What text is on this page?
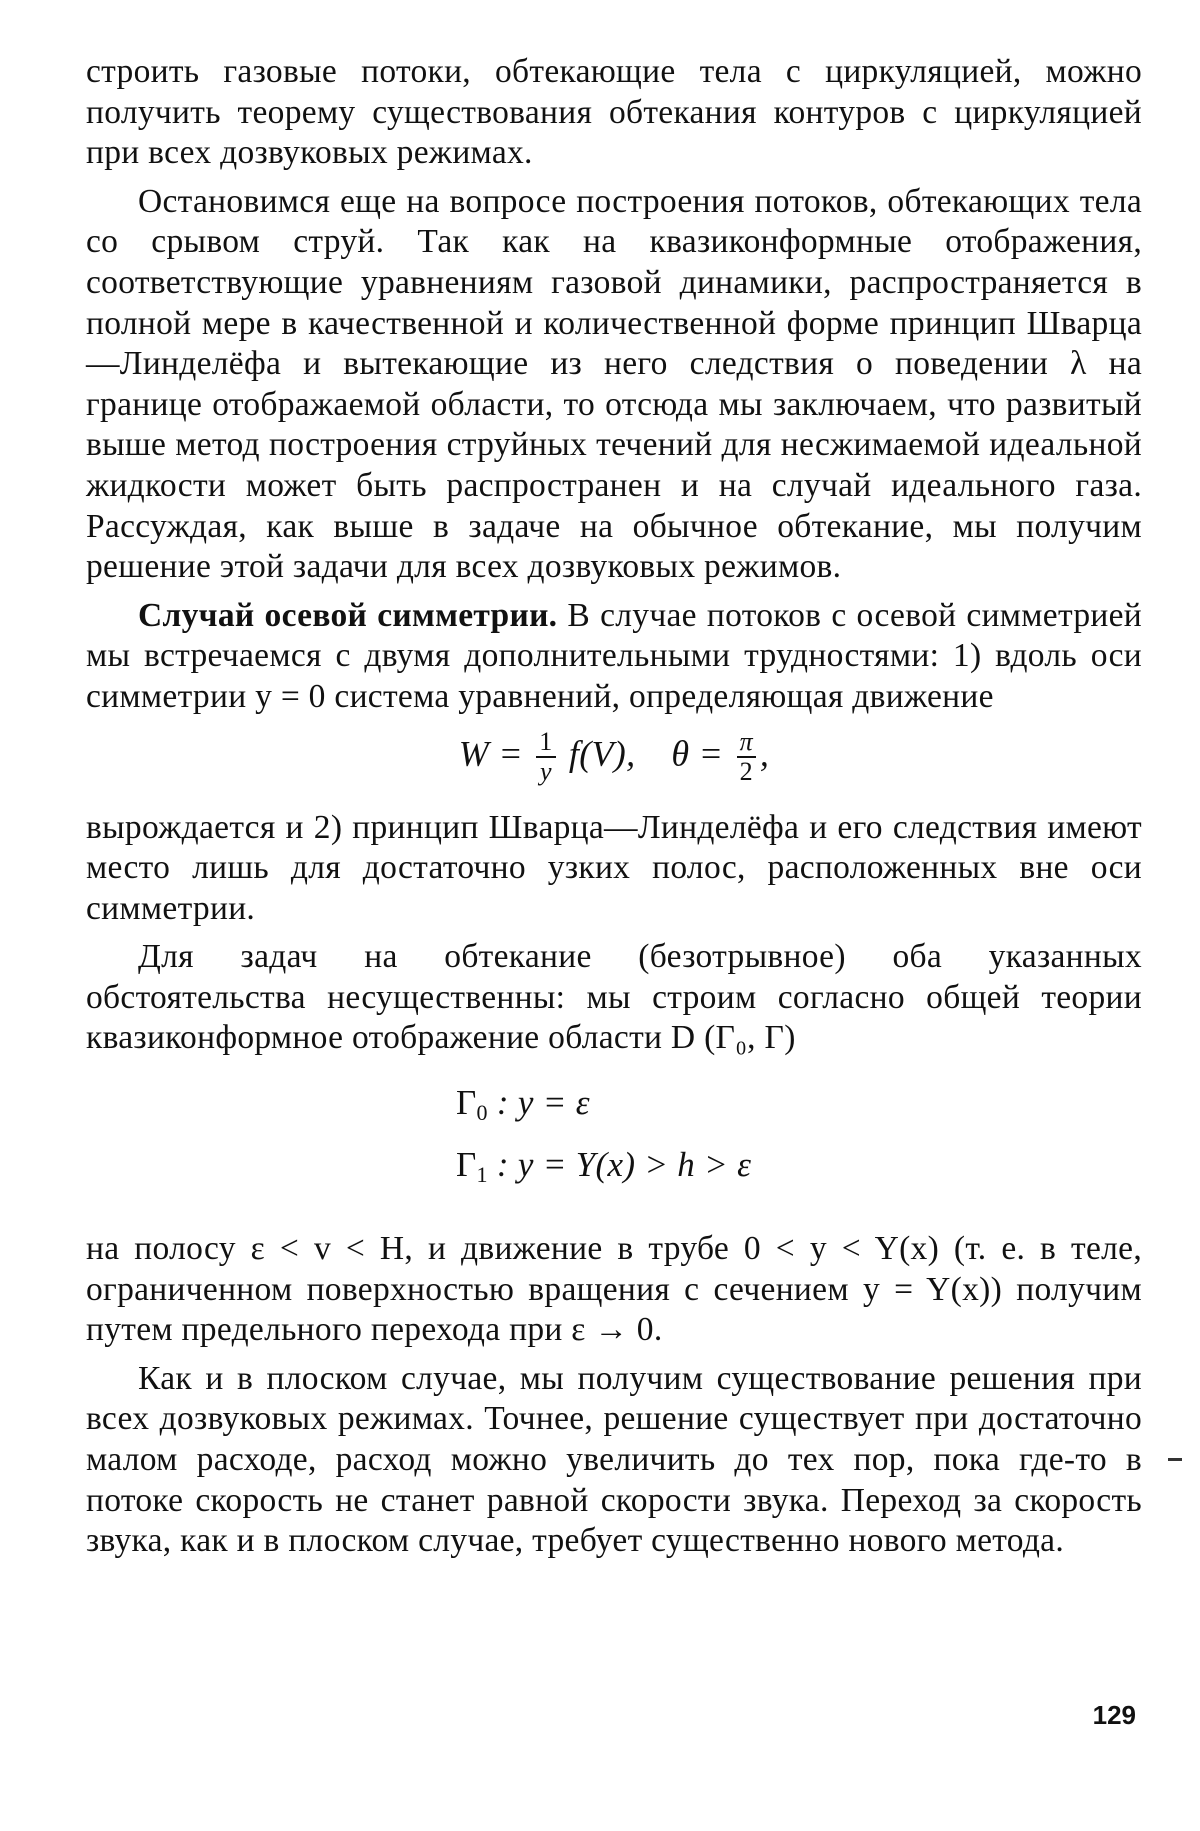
строить газовые потоки, обтекающие тела с циркуляцией, можно получить теорему существования обтекания контуров с циркуляцией при всех дозвуковых режимах.

Остановимся еще на вопросе построения потоков, обтекающих тела со срывом струй. Так как на квазиконформные отображения, соответствующие уравнениям газовой динамики, распространяется в полной мере в качественной и количественной форме принцип Шварца—Линделёфа и вытекающие из него следствия о поведении λ на границе отображаемой области, то отсюда мы заключаем, что развитый выше метод построения струйных течений для несжимаемой идеальной жидкости может быть распространен и на случай идеального газа. Рассуждая, как выше в задаче на обычное обтекание, мы получим решение этой задачи для всех дозвуковых режимов.

Случай осевой симметрии. В случае потоков с осевой симметрией мы встречаемся с двумя дополнительными трудностями: 1) вдоль оси симметрии y = 0 система уравнений, определяющая движение

$W = \frac{1}{y} f(V)$, $\theta = \frac{\pi}{2}$ ,

вырождается и 2) принцип Шварца—Линделёфа и его следствия имеют место лишь для достаточно узких полос, расположенных вне оси симметрии.

Для задач на обтекание (безотрывное) оба указанных обстоятельства несущественны: мы строим согласно общей теории квазиконформное отображение области D (Г₀, Г)

$Г_0$ : y = ε
$Г_1$ : y = Y(x) > h > ε

на полосу ε < v < H, и движение в трубе 0 < y < Y(x) (т. е. в теле, ограниченном поверхностью вращения с сечением y = Y(x)) получим путем предельного перехода при ε → 0.

Как и в плоском случае, мы получим существование решения при всех дозвуковых режимах. Точнее, решение существует при достаточно малом расходе, расход можно увеличить до тех пор, пока где-то в потоке скорость не станет равной скорости звука. Переход за скорость звука, как и в плоском случае, требует существенно нового метода.

129
